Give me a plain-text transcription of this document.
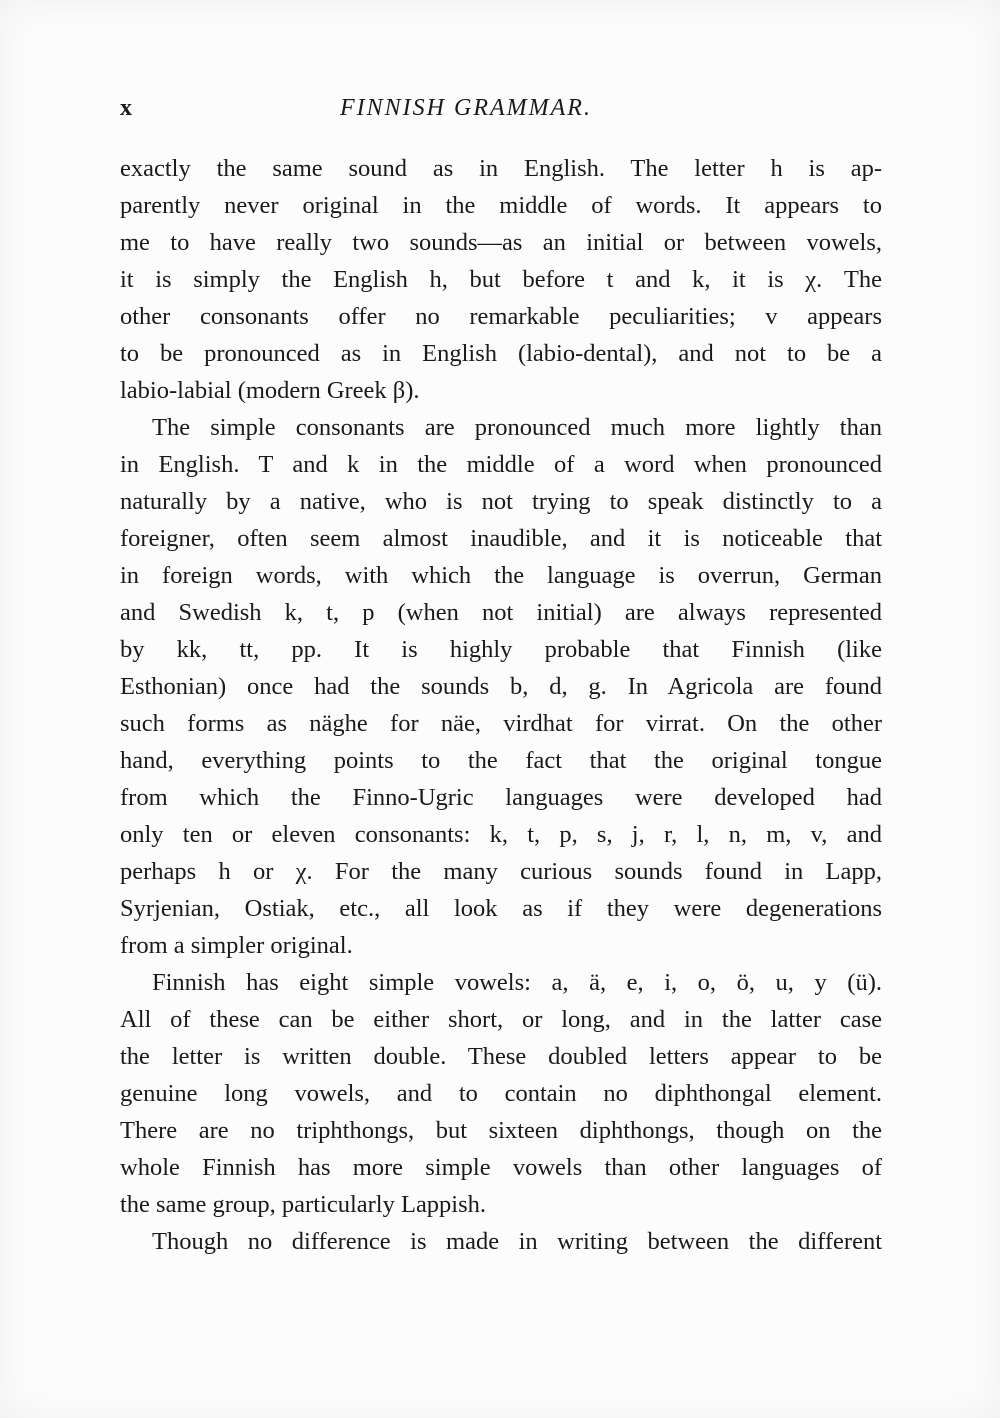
x	FINNISH GRAMMAR.
exactly the same sound as in English. The letter h is ap-
parently never original in the middle of words. It appears to
me to have really two sounds—as an initial or between vowels,
it is simply the English h, but before t and k, it is χ. The
other consonants offer no remarkable peculiarities; v appears
to be pronounced as in English (labio-dental), and not to be a
labio-labial (modern Greek β).
The simple consonants are pronounced much more lightly than
in English. T and k in the middle of a word when pronounced
naturally by a native, who is not trying to speak distinctly to a
foreigner, often seem almost inaudible, and it is noticeable that
in foreign words, with which the language is overrun, German
and Swedish k, t, p (when not initial) are always represented
by kk, tt, pp. It is highly probable that Finnish (like
Esthonian) once had the sounds b, d, g. In Agricola are found
such forms as näghe for näe, virdhat for virrat. On the other
hand, everything points to the fact that the original tongue
from which the Finno-Ugric languages were developed had
only ten or eleven consonants: k, t, p, s, j, r, l, n, m, v, and
perhaps h or χ. For the many curious sounds found in Lapp,
Syrjenian, Ostiak, etc., all look as if they were degenerations
from a simpler original.
Finnish has eight simple vowels: a, ä, e, i, o, ö, u, y (ü).
All of these can be either short, or long, and in the latter case
the letter is written double. These doubled letters appear to be
genuine long vowels, and to contain no diphthongal element.
There are no triphthongs, but sixteen diphthongs, though on the
whole Finnish has more simple vowels than other languages of
the same group, particularly Lappish.
Though no difference is made in writing between the different
